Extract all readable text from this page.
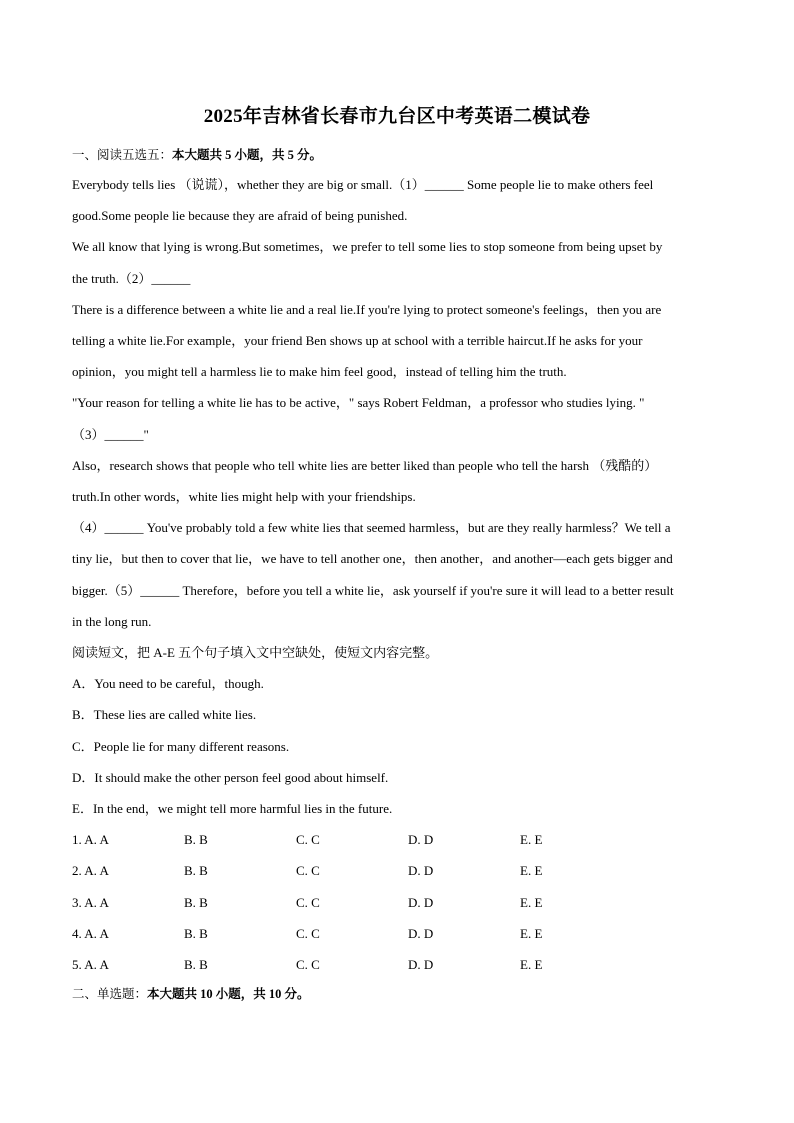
2025年吉林省长春市九台区中考英语二模试卷

一、阅读五选五：本大题共 5 小题，共 5 分。

Everybody tells lies （说谎），whether they are big or small.（1）______ Some people lie to make others feel

good.Some people lie because they are afraid of being punished.

We all know that lying is wrong.But sometimes，we prefer to tell some lies to stop someone from being upset by

the truth.（2）______

There is a difference between a white lie and a real lie.If you're lying to protect someone's feelings，then you are

telling a white lie.For example，your friend Ben shows up at school with a terrible haircut.If he asks for your

opinion，you might tell a harmless lie to make him feel good，instead of telling him the truth.

"Your reason for telling a white lie has to be active，" says Robert Feldman，a professor who studies lying. "

（3）______"

Also，research shows that people who tell white lies are better liked than people who tell the harsh （残酷的）

truth.In other words，white lies might help with your friendships.

（4）______ You've probably told a few white lies that seemed harmless，but are they really harmless？We tell a

tiny lie，but then to cover that lie，we have to tell another one，then another，and another—each gets bigger and

bigger.（5）______ Therefore，before you tell a white lie，ask yourself if you're sure it will lead to a better result

in the long run.

阅读短文，把 A-E 五个句子填入文中空缺处，使短文内容完整。

A．You need to be careful，though.

B．These lies are called white lies.

C．People lie for many different reasons.

D．It should make the other person feel good about himself.

E．In the end，we might tell more harmful lies in the future.

1. A. A	B. B	C. C	D. D	E. E
2. A. A	B. B	C. C	D. D	E. E
3. A. A	B. B	C. C	D. D	E. E
4. A. A	B. B	C. C	D. D	E. E
5. A. A	B. B	C. C	D. D	E. E

二、单选题：本大题共 10 小题，共 10 分。
